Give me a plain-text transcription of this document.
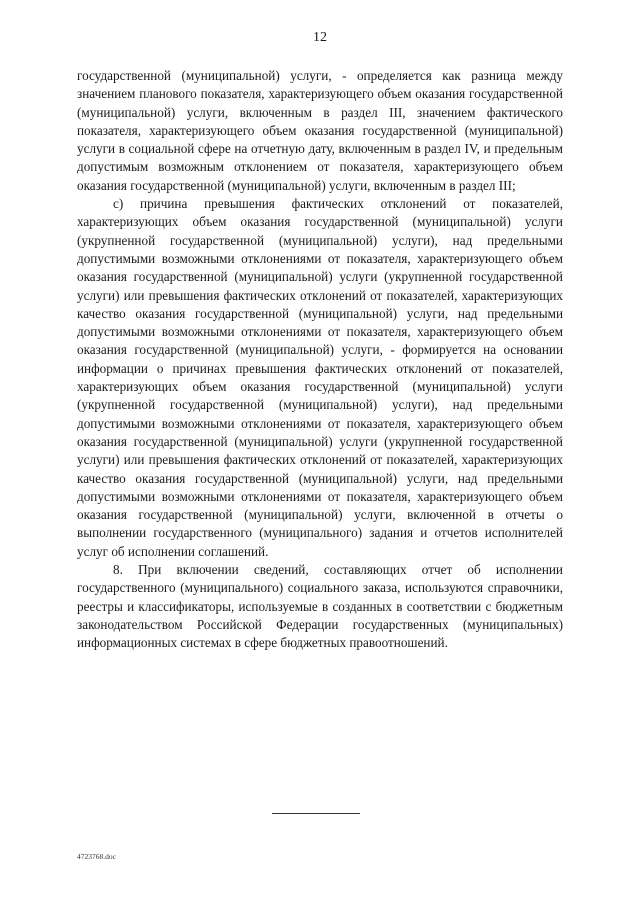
12

государственной (муниципальной) услуги, - определяется как разница между значением планового показателя, характеризующего объем оказания государственной (муниципальной) услуги, включенным в раздел III, значением фактического показателя, характеризующего объем оказания государственной (муниципальной) услуги в социальной сфере на отчетную дату, включенным в раздел IV, и предельным допустимым возможным отклонением от показателя, характеризующего объем оказания государственной (муниципальной) услуги, включенным в раздел III;

с) причина превышения фактических отклонений от показателей, характеризующих объем оказания государственной (муниципальной) услуги (укрупненной государственной (муниципальной) услуги), над предельными допустимыми возможными отклонениями от показателя, характеризующего объем оказания государственной (муниципальной) услуги (укрупненной государственной услуги) или превышения фактических отклонений от показателей, характеризующих качество оказания государственной (муниципальной) услуги, над предельными допустимыми возможными отклонениями от показателя, характеризующего объем оказания государственной (муниципальной) услуги, - формируется на основании информации о причинах превышения фактических отклонений от показателей, характеризующих объем оказания государственной (муниципальной) услуги (укрупненной государственной (муниципальной) услуги), над предельными допустимыми возможными отклонениями от показателя, характеризующего объем оказания государственной (муниципальной) услуги (укрупненной государственной услуги) или превышения фактических отклонений от показателей, характеризующих качество оказания государственной (муниципальной) услуги, над предельными допустимыми возможными отклонениями от показателя, характеризующего объем оказания государственной (муниципальной) услуги, включенной в отчеты о выполнении государственного (муниципального) задания и отчетов исполнителей услуг об исполнении соглашений.

8. При включении сведений, составляющих отчет об исполнении государственного (муниципального) социального заказа, используются справочники, реестры и классификаторы, используемые в созданных в соответствии с бюджетным законодательством Российской Федерации государственных (муниципальных) информационных системах в сфере бюджетных правоотношений.

4723768.doc
